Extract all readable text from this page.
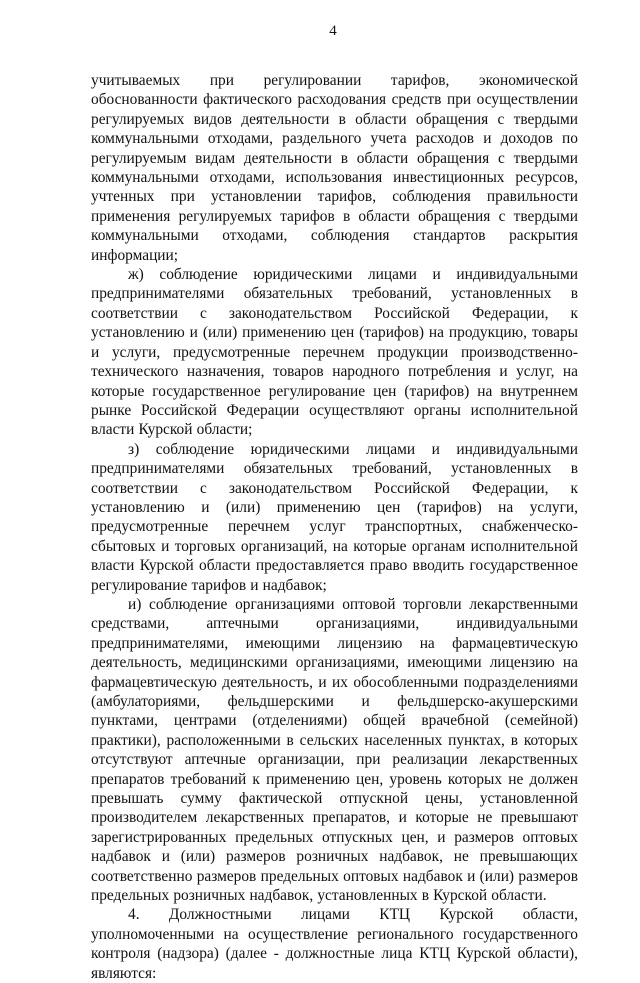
4

учитываемых при регулировании тарифов, экономической обоснованности фактического расходования средств при осуществлении регулируемых видов деятельности в области обращения с твердыми коммунальными отходами, раздельного учета расходов и доходов по регулируемым видам деятельности в области обращения с твердыми коммунальными отходами, использования инвестиционных ресурсов, учтенных при установлении тарифов, соблюдения правильности применения регулируемых тарифов в области обращения с твердыми коммунальными отходами, соблюдения стандартов раскрытия информации;

ж) соблюдение юридическими лицами и индивидуальными предпринимателями обязательных требований, установленных в соответствии с законодательством Российской Федерации, к установлению и (или) применению цен (тарифов) на продукцию, товары и услуги, предусмотренные перечнем продукции производственно-технического назначения, товаров народного потребления и услуг, на которые государственное регулирование цен (тарифов) на внутреннем рынке Российской Федерации осуществляют органы исполнительной власти Курской области;

з) соблюдение юридическими лицами и индивидуальными предпринимателями обязательных требований, установленных в соответствии с законодательством Российской Федерации, к установлению и (или) применению цен (тарифов) на услуги, предусмотренные перечнем услуг транспортных, снабженческо-сбытовых и торговых организаций, на которые органам исполнительной власти Курской области предоставляется право вводить государственное регулирование тарифов и надбавок;

и) соблюдение организациями оптовой торговли лекарственными средствами, аптечными организациями, индивидуальными предпринимателями, имеющими лицензию на фармацевтическую деятельность, медицинскими организациями, имеющими лицензию на фармацевтическую деятельность, и их обособленными подразделениями (амбулаториями, фельдшерскими и фельдшерско-акушерскими пунктами, центрами (отделениями) общей врачебной (семейной) практики), расположенными в сельских населенных пунктах, в которых отсутствуют аптечные организации, при реализации лекарственных препаратов требований к применению цен, уровень которых не должен превышать сумму фактической отпускной цены, установленной производителем лекарственных препаратов, и которые не превышают зарегистрированных предельных отпускных цен, и размеров оптовых надбавок и (или) размеров розничных надбавок, не превышающих соответственно размеров предельных оптовых надбавок и (или) размеров предельных розничных надбавок, установленных в Курской области.

4. Должностными лицами КТЦ Курской области, уполномоченными на осуществление регионального государственного контроля (надзора) (далее - должностные лица КТЦ Курской области), являются:
